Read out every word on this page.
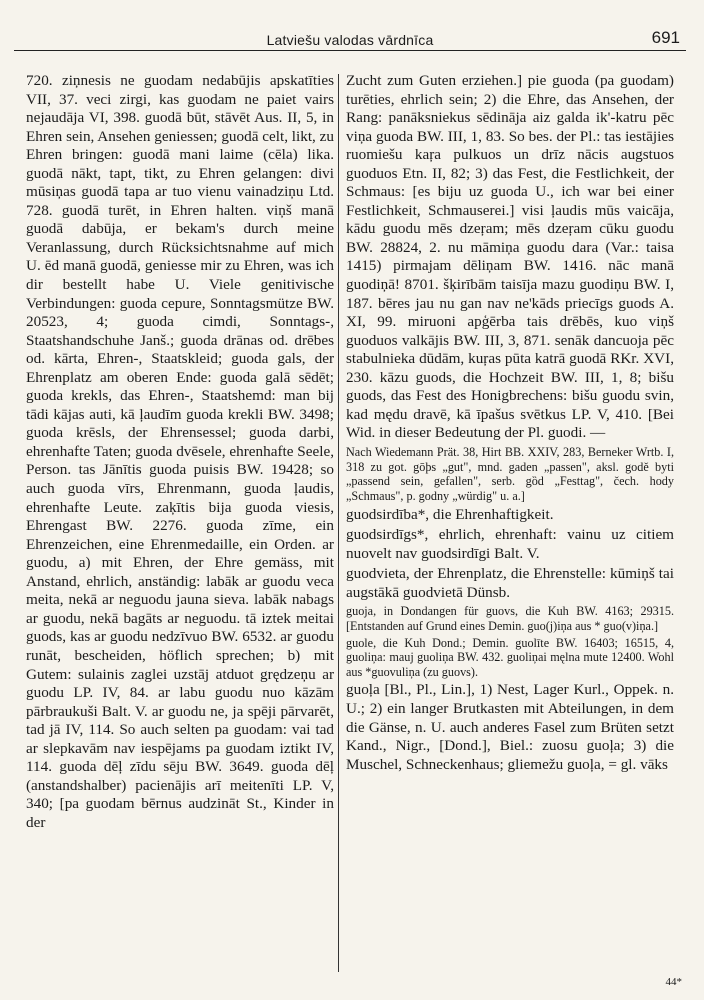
Latviešu valodas vārdnīca	691
720. ziņnesis ne guodam nedabūjis apskatīties VII, 37. veci zirgi, kas guodam ne paiet vairs nejaudāja VI, 398. guodā būt, stāvēt Aus. II, 5, in Ehren sein, Ansehen geniessen; guodā celt, likt, zu Ehren bringen: guodā mani laime (cēla) lika. guodā nākt, tapt, tikt, zu Ehren gelangen: divi mūsiņas guodā tapa ar tuo vienu vainadziņu Ltd. 728. guodā turēt, in Ehren halten. viņš manā guodā dabūja, er bekam's durch meine Veranlassung, durch Rücksichtsnahme auf mich U. ēd manā guodā, geniesse mir zu Ehren, was ich dir bestellt habe U. Viele genitivische Verbindungen: guoda cepure, Sonntagsmütze BW. 20523, 4; guoda cimdi, Sonntags-, Staatshandschuhe Janš.; guoda drānas od. drēbes od. kārta, Ehren-, Staatskleid; guoda gals, der Ehrenplatz am oberen Ende: guoda galā sēdēt; guoda krekls, das Ehren-, Staatshemd: man bij tādi kājas auti, kā ļaudīm guoda krekli BW. 3498; guoda krēsls, der Ehrensessel; guoda darbi, ehrenhafte Taten; guoda dvēsele, ehrenhafte Seele, Person. tas Jānītis guoda puisis BW. 19428; so auch guoda vīrs, Ehrenmann, guoda ļaudis, ehrenhafte Leute. zaķītis bija guoda viesis, Ehrengast BW. 2276. guoda zīme, ein Ehrenzeichen, eine Ehrenmedaille, ein Orden. ar guodu, a) mit Ehren, der Ehre gemäss, mit Anstand, ehrlich, anständig: labāk ar guodu veca meita, nekā ar neguodu jauna sieva. labāk nabags ar guodu, nekā bagāts ar neguodu. tā iztek meitai guods, kas ar guodu nedzīvuo BW. 6532. ar guodu runāt, bescheiden, höflich sprechen; b) mit Gutem: sulainis zaglei uzstāj atduot grędzeņu ar guodu LP. IV, 84. ar labu guodu nuo kāzām pārbraukuši Balt. V. ar guodu ne, ja spēji pārvarēt, tad jā IV, 114. So auch selten pa guodam: vai tad ar slepkavām nav iespējams pa guodam iztikt IV, 114. guoda dēļ zīdu sēju BW. 3649. guoda dēļ (anstandshalber) pacienājis arī meitenīti LP. V, 340; [pa guodam bērnus audzināt St., Kinder in der
Zucht zum Guten erziehen.] pie guoda (pa guodam) turēties, ehrlich sein; 2) die Ehre, das Ansehen, der Rang: panāksniekus sēdināja aiz galda ik'-katru pēc viņa guoda BW. III, 1, 83. So bes. der Pl.: tas iestājies ruomiešu kaŗa pulkuos un drīz nācis augstuos guoduos Etn. II, 82; 3) das Fest, die Festlichkeit, der Schmaus: [es biju uz guoda U., ich war bei einer Festlichkeit, Schmauserei.] visi ļaudis mūs vaicāja, kādu guodu mēs dzeŗam; mēs dzeŗam cūku guodu BW. 28824, 2. nu māmiņa guodu dara (Var.: taisa 1415) pirmajam dēliņam BW. 1416. nāc manā guodiņā! 8701. šķirībām taisīja mazu guodiņu BW. I, 187. bēres jau nu gan nav ne'kāds priecīgs guods A. XI, 99. miruoni apģērba tais drēbēs, kuo viņš guoduos valkājis BW. III, 3, 871. senāk dancuoja pēc stabulnieka dūdām, kuŗas pūta katrā guodā RKr. XVI, 230. kāzu guods, die Hochzeit BW. III, 1, 8; bišu guods, das Fest des Honigbrechens: bišu guodu svin, kad mędu dravē, kā īpašus svētkus LP. V, 410. [Bei Wid. in dieser Bedeutung der Pl. guodi. —
Nach Wiedemann Prät. 38, Hirt BB. XXIV, 283, Berneker Wrtb. I, 318 zu got. gōþs „gut", mnd. gaden „passen", aksl. godě byti „passend sein, gefallen", serb. gȍd „Festtag", čech. hody „Schmaus", p. godny „würdig" u. a.]
guodsirdība*, die Ehrenhaftigkeit.
guodsirdīgs*, ehrlich, ehrenhaft: vainu uz citiem nuovelt nav guodsirdīgi Balt. V.
guodvieta, der Ehrenplatz, die Ehrenstelle: kūmiņš tai augstākā guodvietā Dünsb.
guoja, in Dondangen für guovs, die Kuh BW. 4163; 29315. [Entstanden auf Grund eines Demin. guo(j)iņa aus * guo(v)iņa.]
guole, die Kuh Dond.; Demin. guolīte BW. 16403; 16515, 4, guoliņa: mauj guoliņa BW. 432. guoliņai męlna mute 12400. Wohl aus *guovuliņa (zu guovs).
guoļa [Bl., Pl., Lin.], 1) Nest, Lager Kurl., Oppek. n. U.; 2) ein langer Brutkasten mit Abteilungen, in dem die Gänse, n. U. auch anderes Fasel zum Brüten setzt Kand., Nigr., [Dond.], Biel.: zuosu guoļa; 3) die Muschel, Schneckenhaus; gliemežu guoļa, = gl. vāks
44*
